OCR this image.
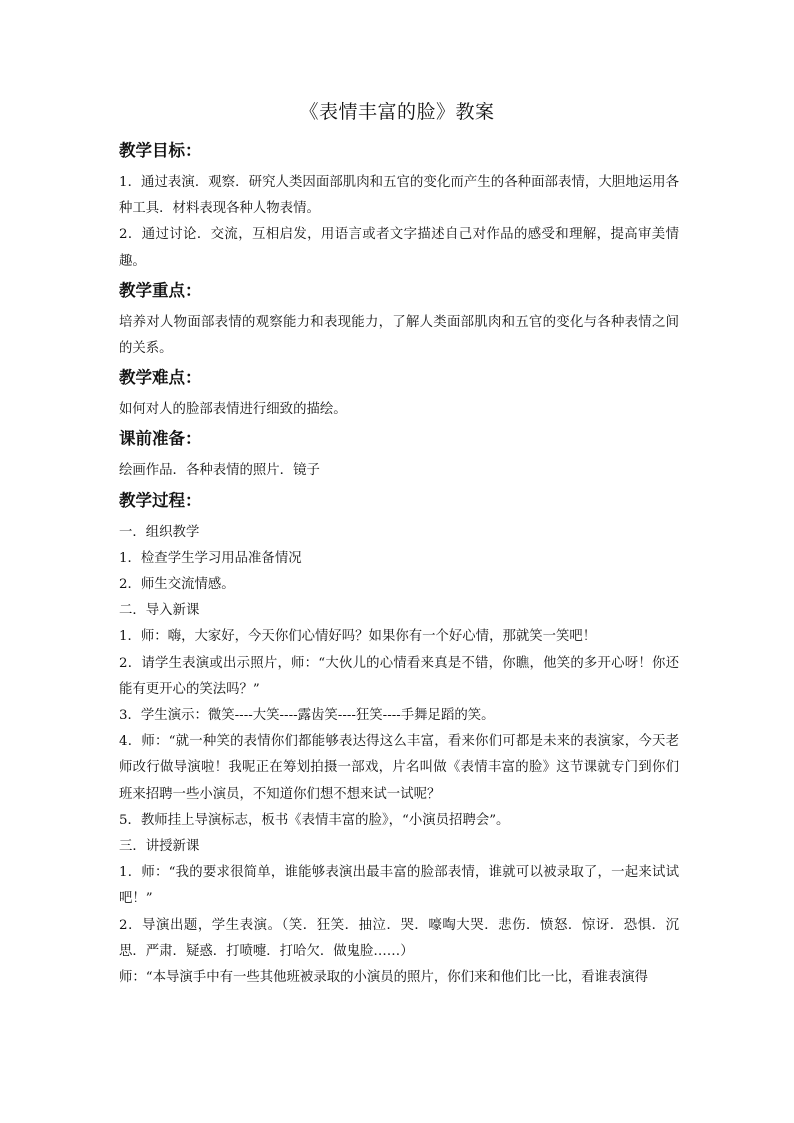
《表情丰富的脸》教案
教学目标：

1．通过表演．观察．研究人类因面部肌肉和五官的变化而产生的各种面部表情，大胆地运用各种工具．材料表现各种人物表情。

2．通过讨论．交流，互相启发，用语言或者文字描述自己对作品的感受和理解，提高审美情趣。

教学重点：

培养对人物面部表情的观察能力和表现能力，了解人类面部肌肉和五官的变化与各种表情之间的关系。

教学难点：

如何对人的脸部表情进行细致的描绘。

课前准备：

绘画作品．各种表情的照片．镜子

教学过程：

一．组织教学

1．检查学生学习用品准备情况

2．师生交流情感。

二．导入新课

1．师：嗨，大家好，今天你们心情好吗？如果你有一个好心情，那就笑一笑吧！

2．请学生表演或出示照片，师：“大伙儿的心情看来真是不错，你瞧，他笑的多开心呀！你还能有更开心的笑法吗？”

3．学生演示：微笑----大笑----露齿笑----狂笑----手舞足蹈的笑。

4．师：“就一种笑的表情你们都能够表达得这么丰富，看来你们可都是未来的表演家，今天老师改行做导演啦！我呢正在筹划拍摄一部戏，片名叫做《表情丰富的脸》这节课就专门到你们班来招聘一些小演员，不知道你们想不想来试一试呢？

5．教师挂上导演标志，板书《表情丰富的脸》，“小演员招聘会”。

三．讲授新课

1．师：“我的要求很简单，谁能够表演出最丰富的脸部表情，谁就可以被录取了，一起来试试吧！”

2．导演出题，学生表演。（笑．狂笑．抽泣．哭．嚎啕大哭．悲伤．愤怒．惊讶．恐惧．沉思．严肃．疑惑．打喷嚏．打哈欠．做鬼脸……）

师：“本导演手中有一些其他班被录取的小演员的照片，你们来和他们比一比，看谁表演得
